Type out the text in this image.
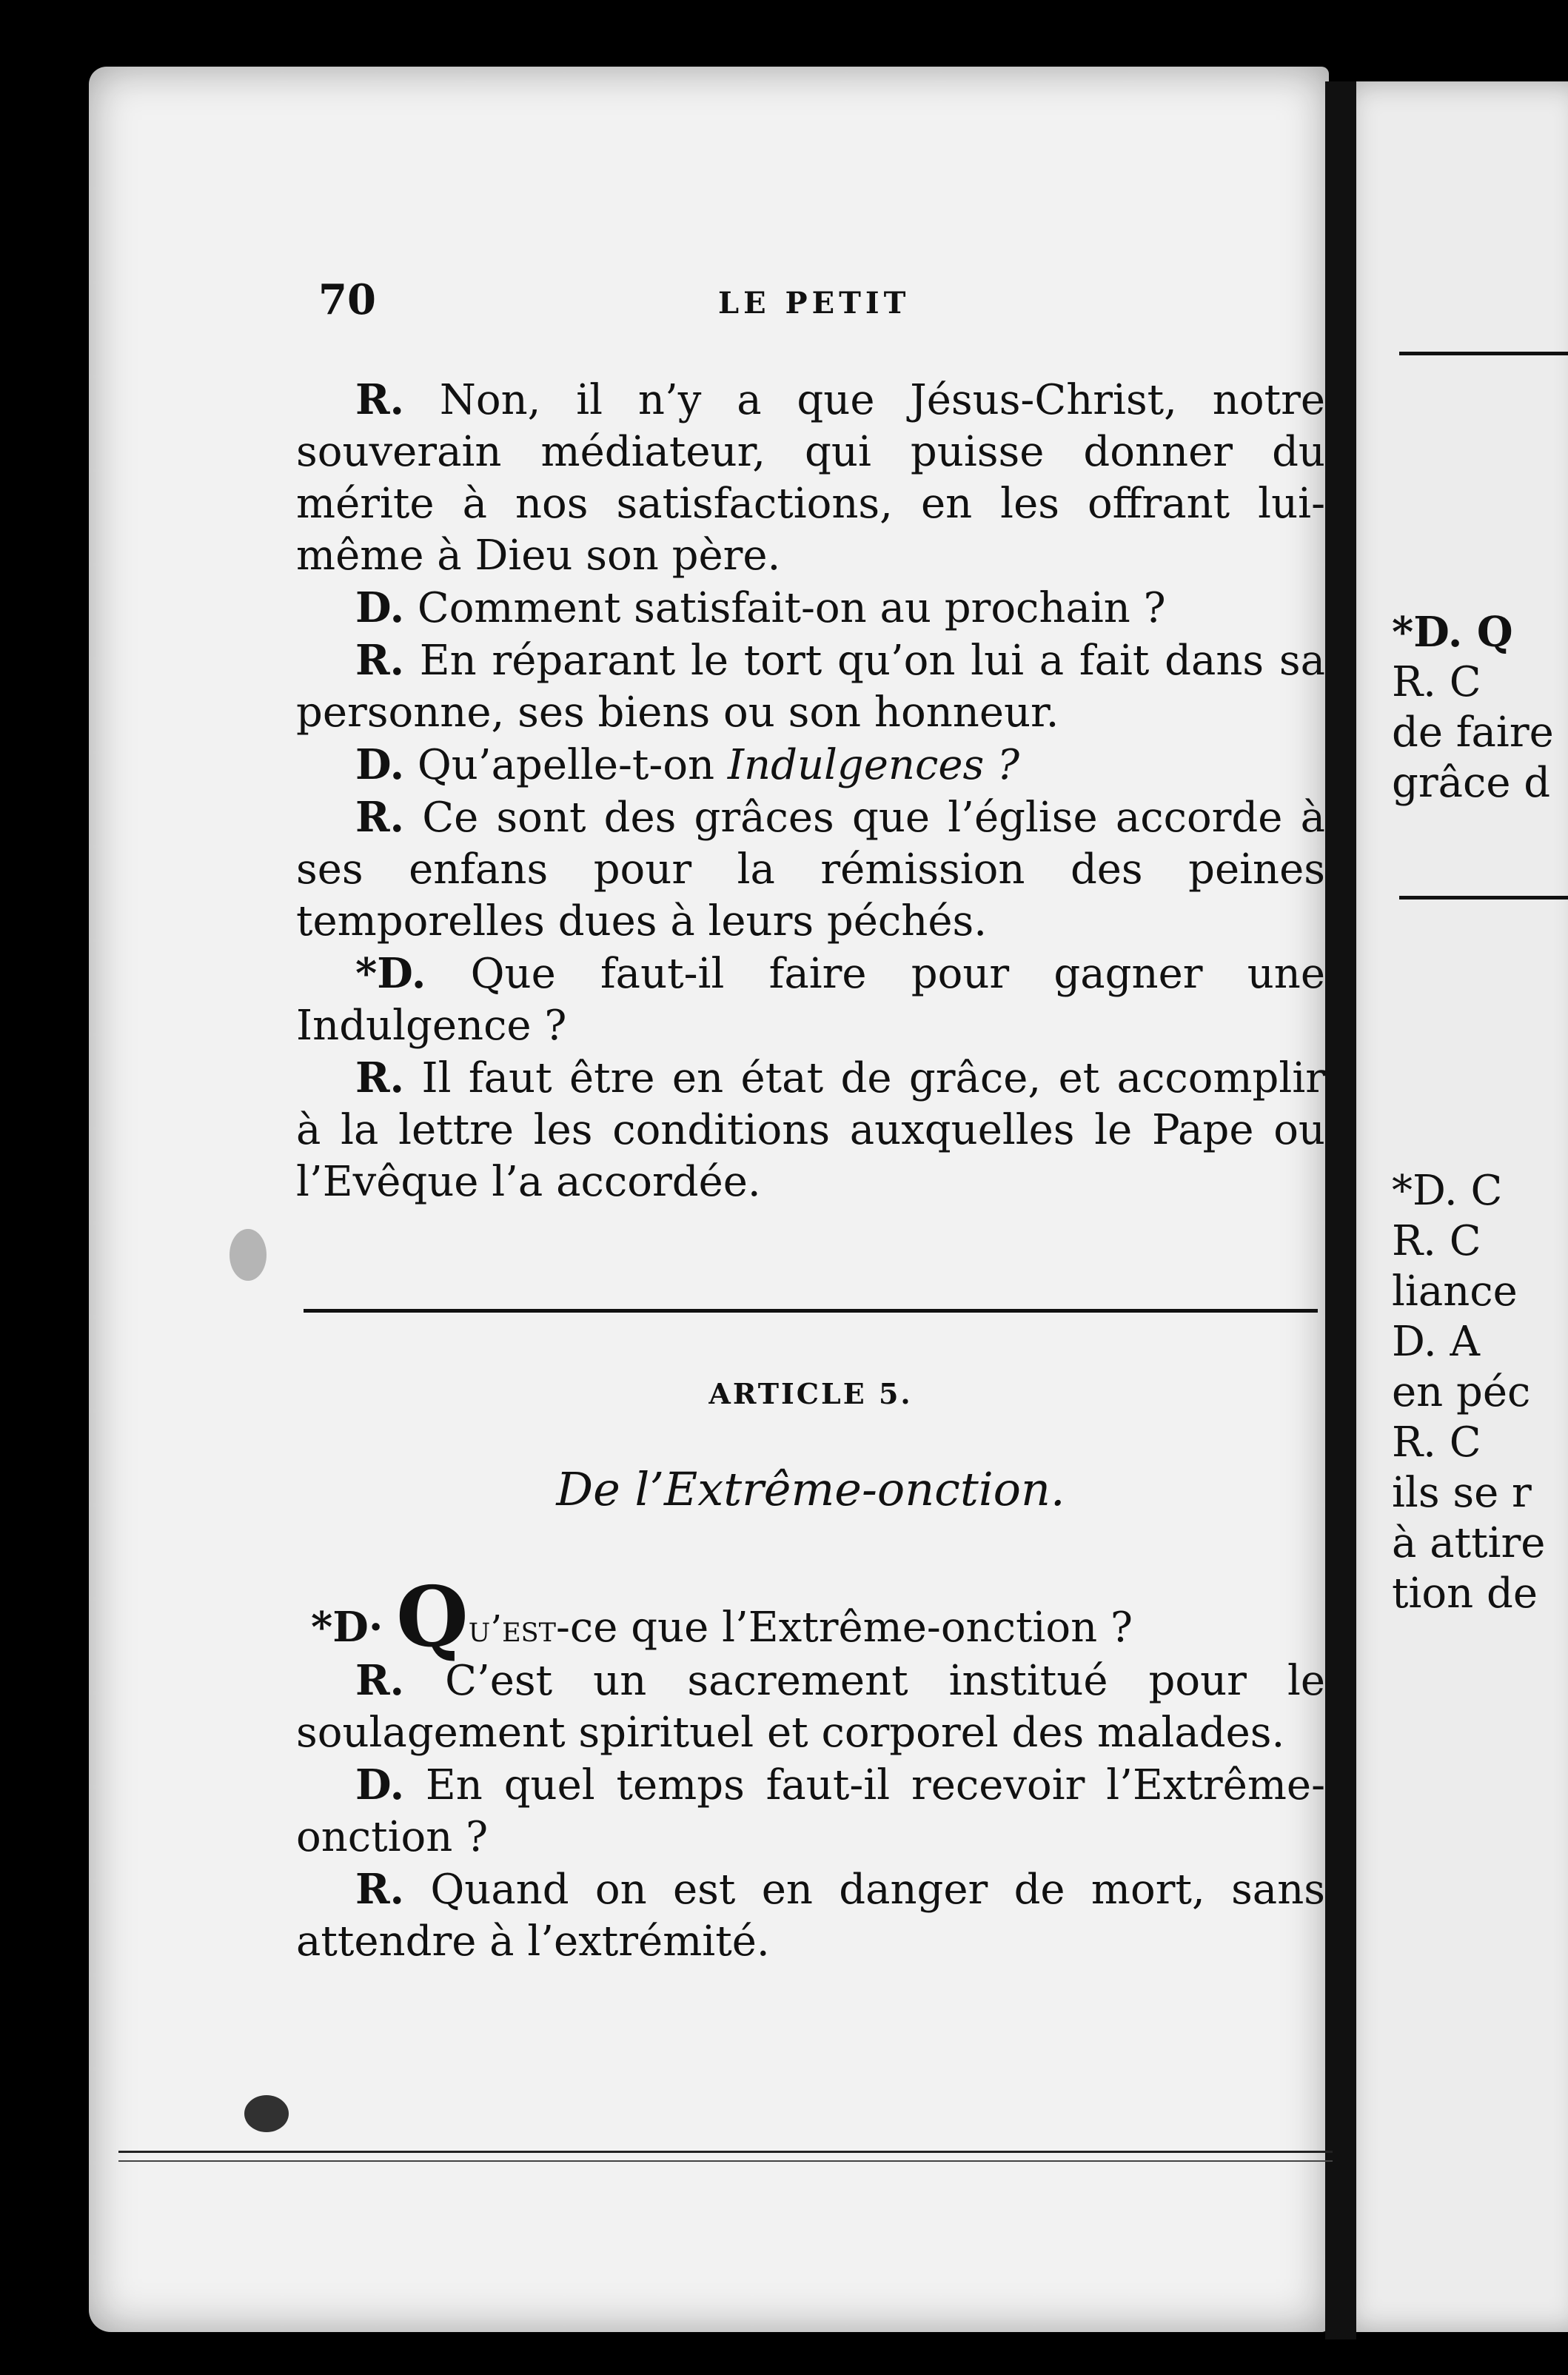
70	LE PETIT

R. Non, il n’y a que Jésus-Christ, notre souverain médiateur, qui puisse donner du mérite à nos satisfactions, en les offrant lui-même à Dieu son père.

D. Comment satisfait-on au prochain ?

R. En réparant le tort qu’on lui a fait dans sa personne, ses biens ou son honneur.

D. Qu’apelle-t-on Indulgences ?

R. Ce sont des grâces que l’église accorde à ses enfans pour la rémission des peines temporelles dues à leurs péchés.

*D. Que faut-il faire pour gagner une Indulgence ?

R. Il faut être en état de grâce, et accomplir à la lettre les conditions auxquelles le Pape ou l’Evêque l’a accordée.

ARTICLE 5.
De l’Extrême-onction.

*D· Qu’est-ce que l’Extrême-onction ?

R. C’est un sacrement institué pour le soulagement spirituel et corporel des malades.

D. En quel temps faut-il recevoir l’Extrême-onction ?

R. Quand on est en danger de mort, sans attendre à l’extrémité.

*D. Q
R. C
de faire
grâce d
*D. C
R. C
liance
D. A
en péc
R. C
ils se r
à attire
tion de
